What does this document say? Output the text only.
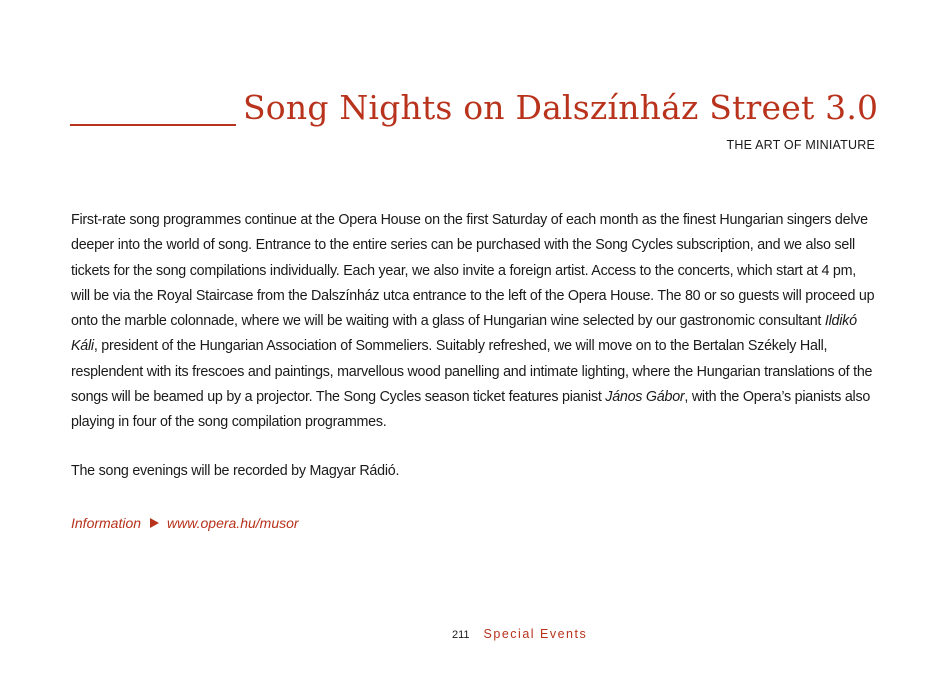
Song Nights on Dalszínház Street 3.0

THE ART OF MINIATURE

First-rate song programmes continue at the Opera House on the first Saturday of each month as the finest Hungarian singers delve deeper into the world of song. Entrance to the entire series can be purchased with the Song Cycles subscription, and we also sell tickets for the song compilations individually. Each year, we also invite a foreign artist. Access to the concerts, which start at 4 pm, will be via the Royal Staircase from the Dalszínház utca entrance to the left of the Opera House. The 80 or so guests will proceed up onto the marble colonnade, where we will be waiting with a glass of Hungarian wine selected by our gastronomic consultant Ildikó Káli, president of the Hungarian Association of Sommeliers. Suitably refreshed, we will move on to the Bertalan Székely Hall, resplendent with its frescoes and paintings, marvellous wood panelling and intimate lighting, where the Hungarian translations of the songs will be beamed up by a projector. The Song Cycles season ticket features pianist János Gábor, with the Opera’s pianists also playing in four of the song compilation programmes.

The song evenings will be recorded by Magyar Rádió.

Information www.opera.hu/musor
211 Special Events
